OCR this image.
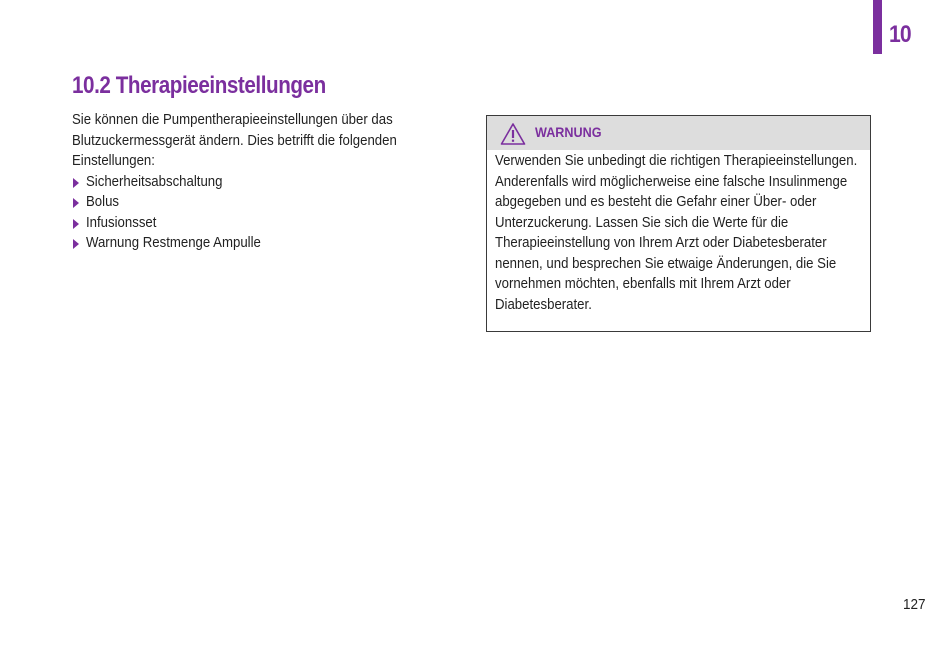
10
10.2 Therapieeinstellungen

Sie können die Pumpentherapieeinstellungen über das Blutzuckermessgerät ändern. Dies betrifft die folgenden Einstellungen:

Sicherheitsabschaltung
Bolus
Infusionsset
Warnung Restmenge Ampulle
WARNUNG

Verwenden Sie unbedingt die richtigen Therapieeinstellungen. Anderenfalls wird möglicherweise eine falsche Insulinmenge abgegeben und es besteht die Gefahr einer Über- oder Unterzuckerung. Lassen Sie sich die Werte für die Therapieeinstellung von Ihrem Arzt oder Diabetesberater nennen, und besprechen Sie etwaige Änderungen, die Sie vornehmen möchten, ebenfalls mit Ihrem Arzt oder Diabetesberater.

127
